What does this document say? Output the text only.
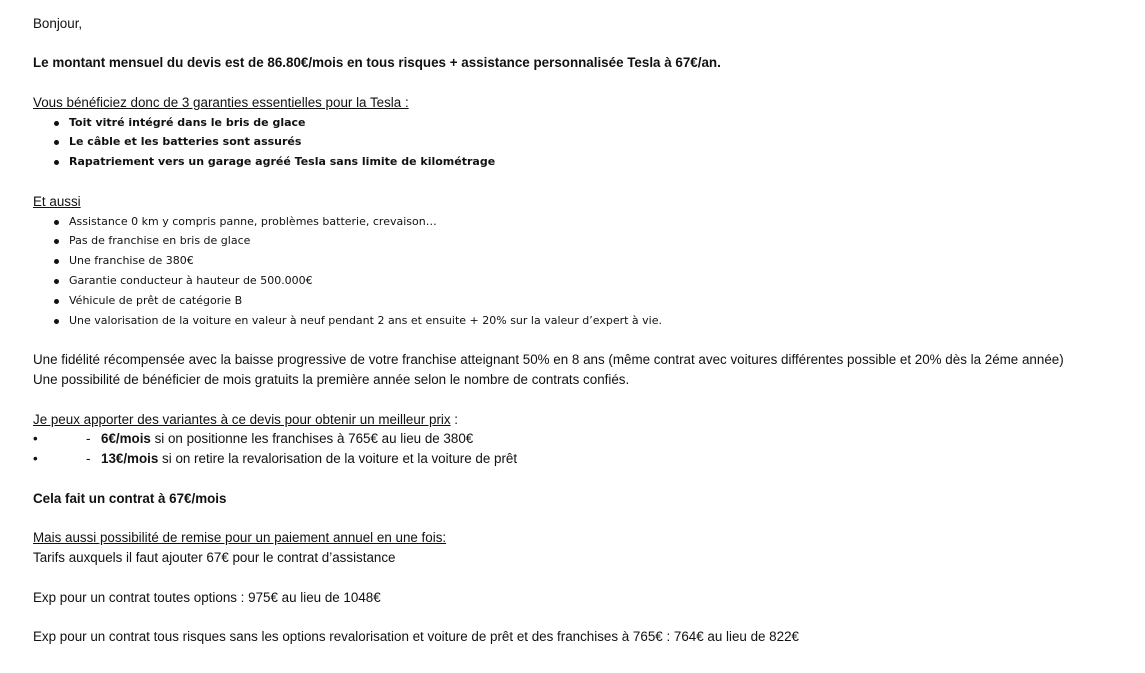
Bonjour,
Le montant mensuel du devis est de 86.80€/mois en tous risques + assistance personnalisée Tesla à 67€/an.
Vous bénéficiez donc de 3 garanties essentielles pour la Tesla :
Toit vitré intégré dans le bris de glace
Le câble et les batteries sont assurés
Rapatriement vers un garage agréé Tesla sans limite de kilométrage
Et aussi
Assistance 0 km y compris panne, problèmes batterie, crevaison…
Pas de franchise en bris de glace
Une franchise de 380€
Garantie conducteur à hauteur de 500.000€
Véhicule de prêt de catégorie B
Une valorisation de la voiture en valeur à neuf pendant 2 ans et ensuite + 20% sur la valeur d’expert à vie.
Une fidélité récompensée avec la baisse progressive de votre franchise atteignant 50% en 8 ans (même contrat avec voitures différentes possible et 20% dès la 2éme année)
Une possibilité de bénéficier de mois gratuits la première année selon le nombre de contrats confiés.
Je peux apporter des variantes à ce devis pour obtenir un meilleur prix :
•	- 6€/mois si on positionne les franchises à 765€ au lieu de 380€
•	- 13€/mois si on retire la revalorisation de la voiture et la voiture de prêt
Cela fait un contrat à 67€/mois
Mais aussi possibilité de remise pour un paiement annuel en une fois:
Tarifs auxquels il faut ajouter 67€ pour le contrat d’assistance
Exp pour un contrat toutes options : 975€ au lieu de 1048€
Exp pour un contrat tous risques sans les options revalorisation et voiture de prêt et des franchises à 765€ : 764€ au lieu de 822€
